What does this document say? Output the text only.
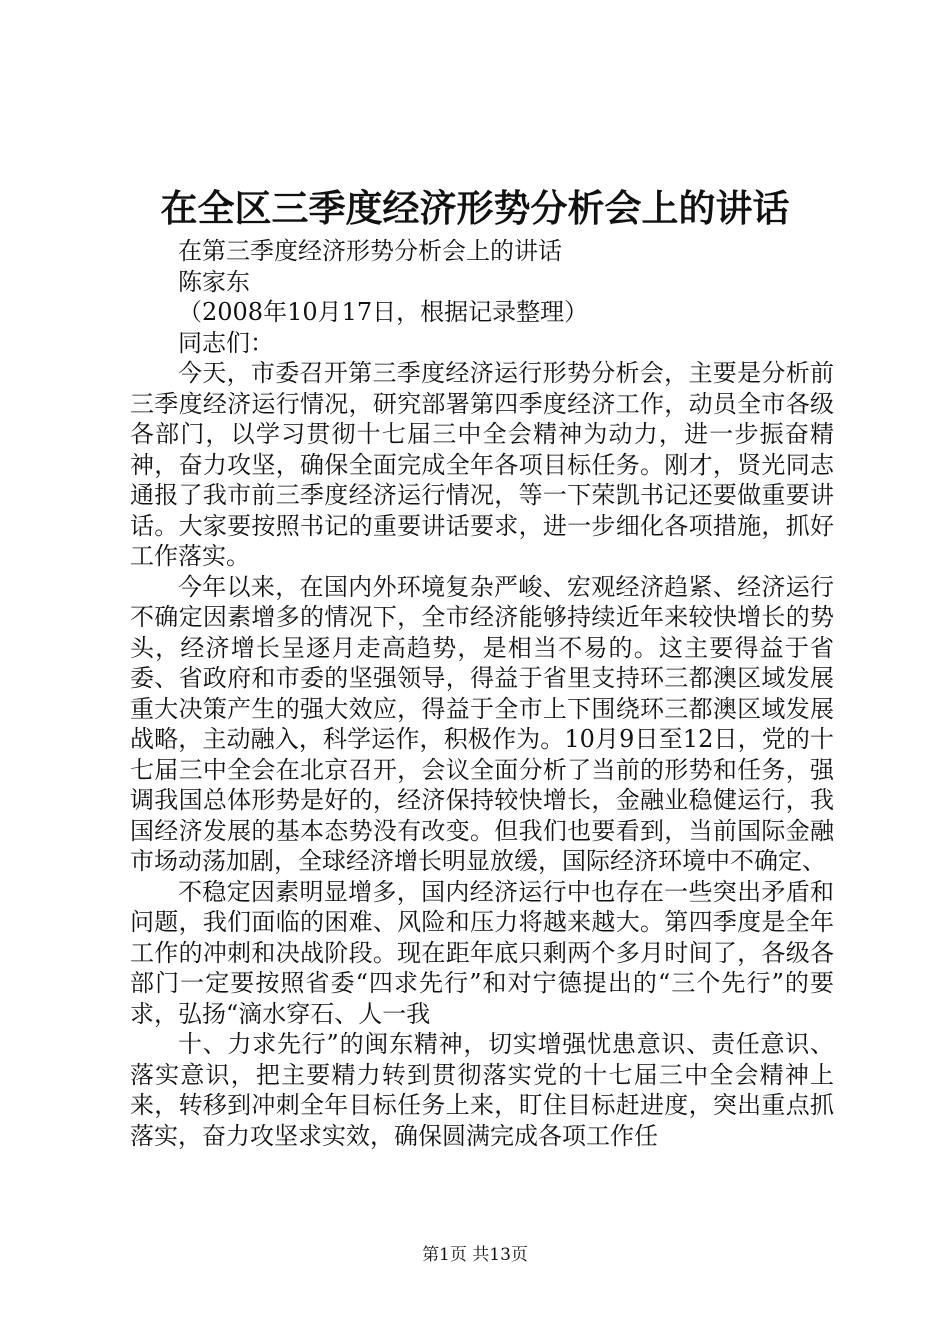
在全区三季度经济形势分析会上的讲话

在第三季度经济形势分析会上的讲话

陈家东

（2008年10月17日，根据记录整理）

同志们：

今天，市委召开第三季度经济运行形势分析会，主要是分析前三季度经济运行情况，研究部署第四季度经济工作，动员全市各级各部门，以学习贯彻十七届三中全会精神为动力，进一步振奋精神，奋力攻坚，确保全面完成全年各项目标任务。刚才，贤光同志通报了我市前三季度经济运行情况，等一下荣凯书记还要做重要讲话。大家要按照书记的重要讲话要求，进一步细化各项措施，抓好工作落实。

今年以来，在国内外环境复杂严峻、宏观经济趋紧、经济运行不确定因素增多的情况下，全市经济能够持续近年来较快增长的势头，经济增长呈逐月走高趋势，是相当不易的。这主要得益于省委、省政府和市委的坚强领导，得益于省里支持环三都澳区域发展重大决策产生的强大效应，得益于全市上下围绕环三都澳区域发展战略，主动融入，科学运作，积极作为。10月9日至12日，党的十七届三中全会在北京召开，会议全面分析了当前的形势和任务，强调我国总体形势是好的，经济保持较快增长，金融业稳健运行，我国经济发展的基本态势没有改变。但我们也要看到，当前国际金融市场动荡加剧，全球经济增长明显放缓，国际经济环境中不确定、

不稳定因素明显增多，国内经济运行中也存在一些突出矛盾和问题，我们面临的困难、风险和压力将越来越大。第四季度是全年工作的冲刺和决战阶段。现在距年底只剩两个多月时间了，各级各部门一定要按照省委“四求先行”和对宁德提出的“三个先行”的要求，弘扬“滴水穿石、人一我

十、力求先行”的闽东精神，切实增强忧患意识、责任意识、落实意识，把主要精力转到贯彻落实党的十七届三中全会精神上来，转移到冲刺全年目标任务上来，盯住目标赶进度，突出重点抓落实，奋力攻坚求实效，确保圆满完成各项工作任

第1页 共13页
